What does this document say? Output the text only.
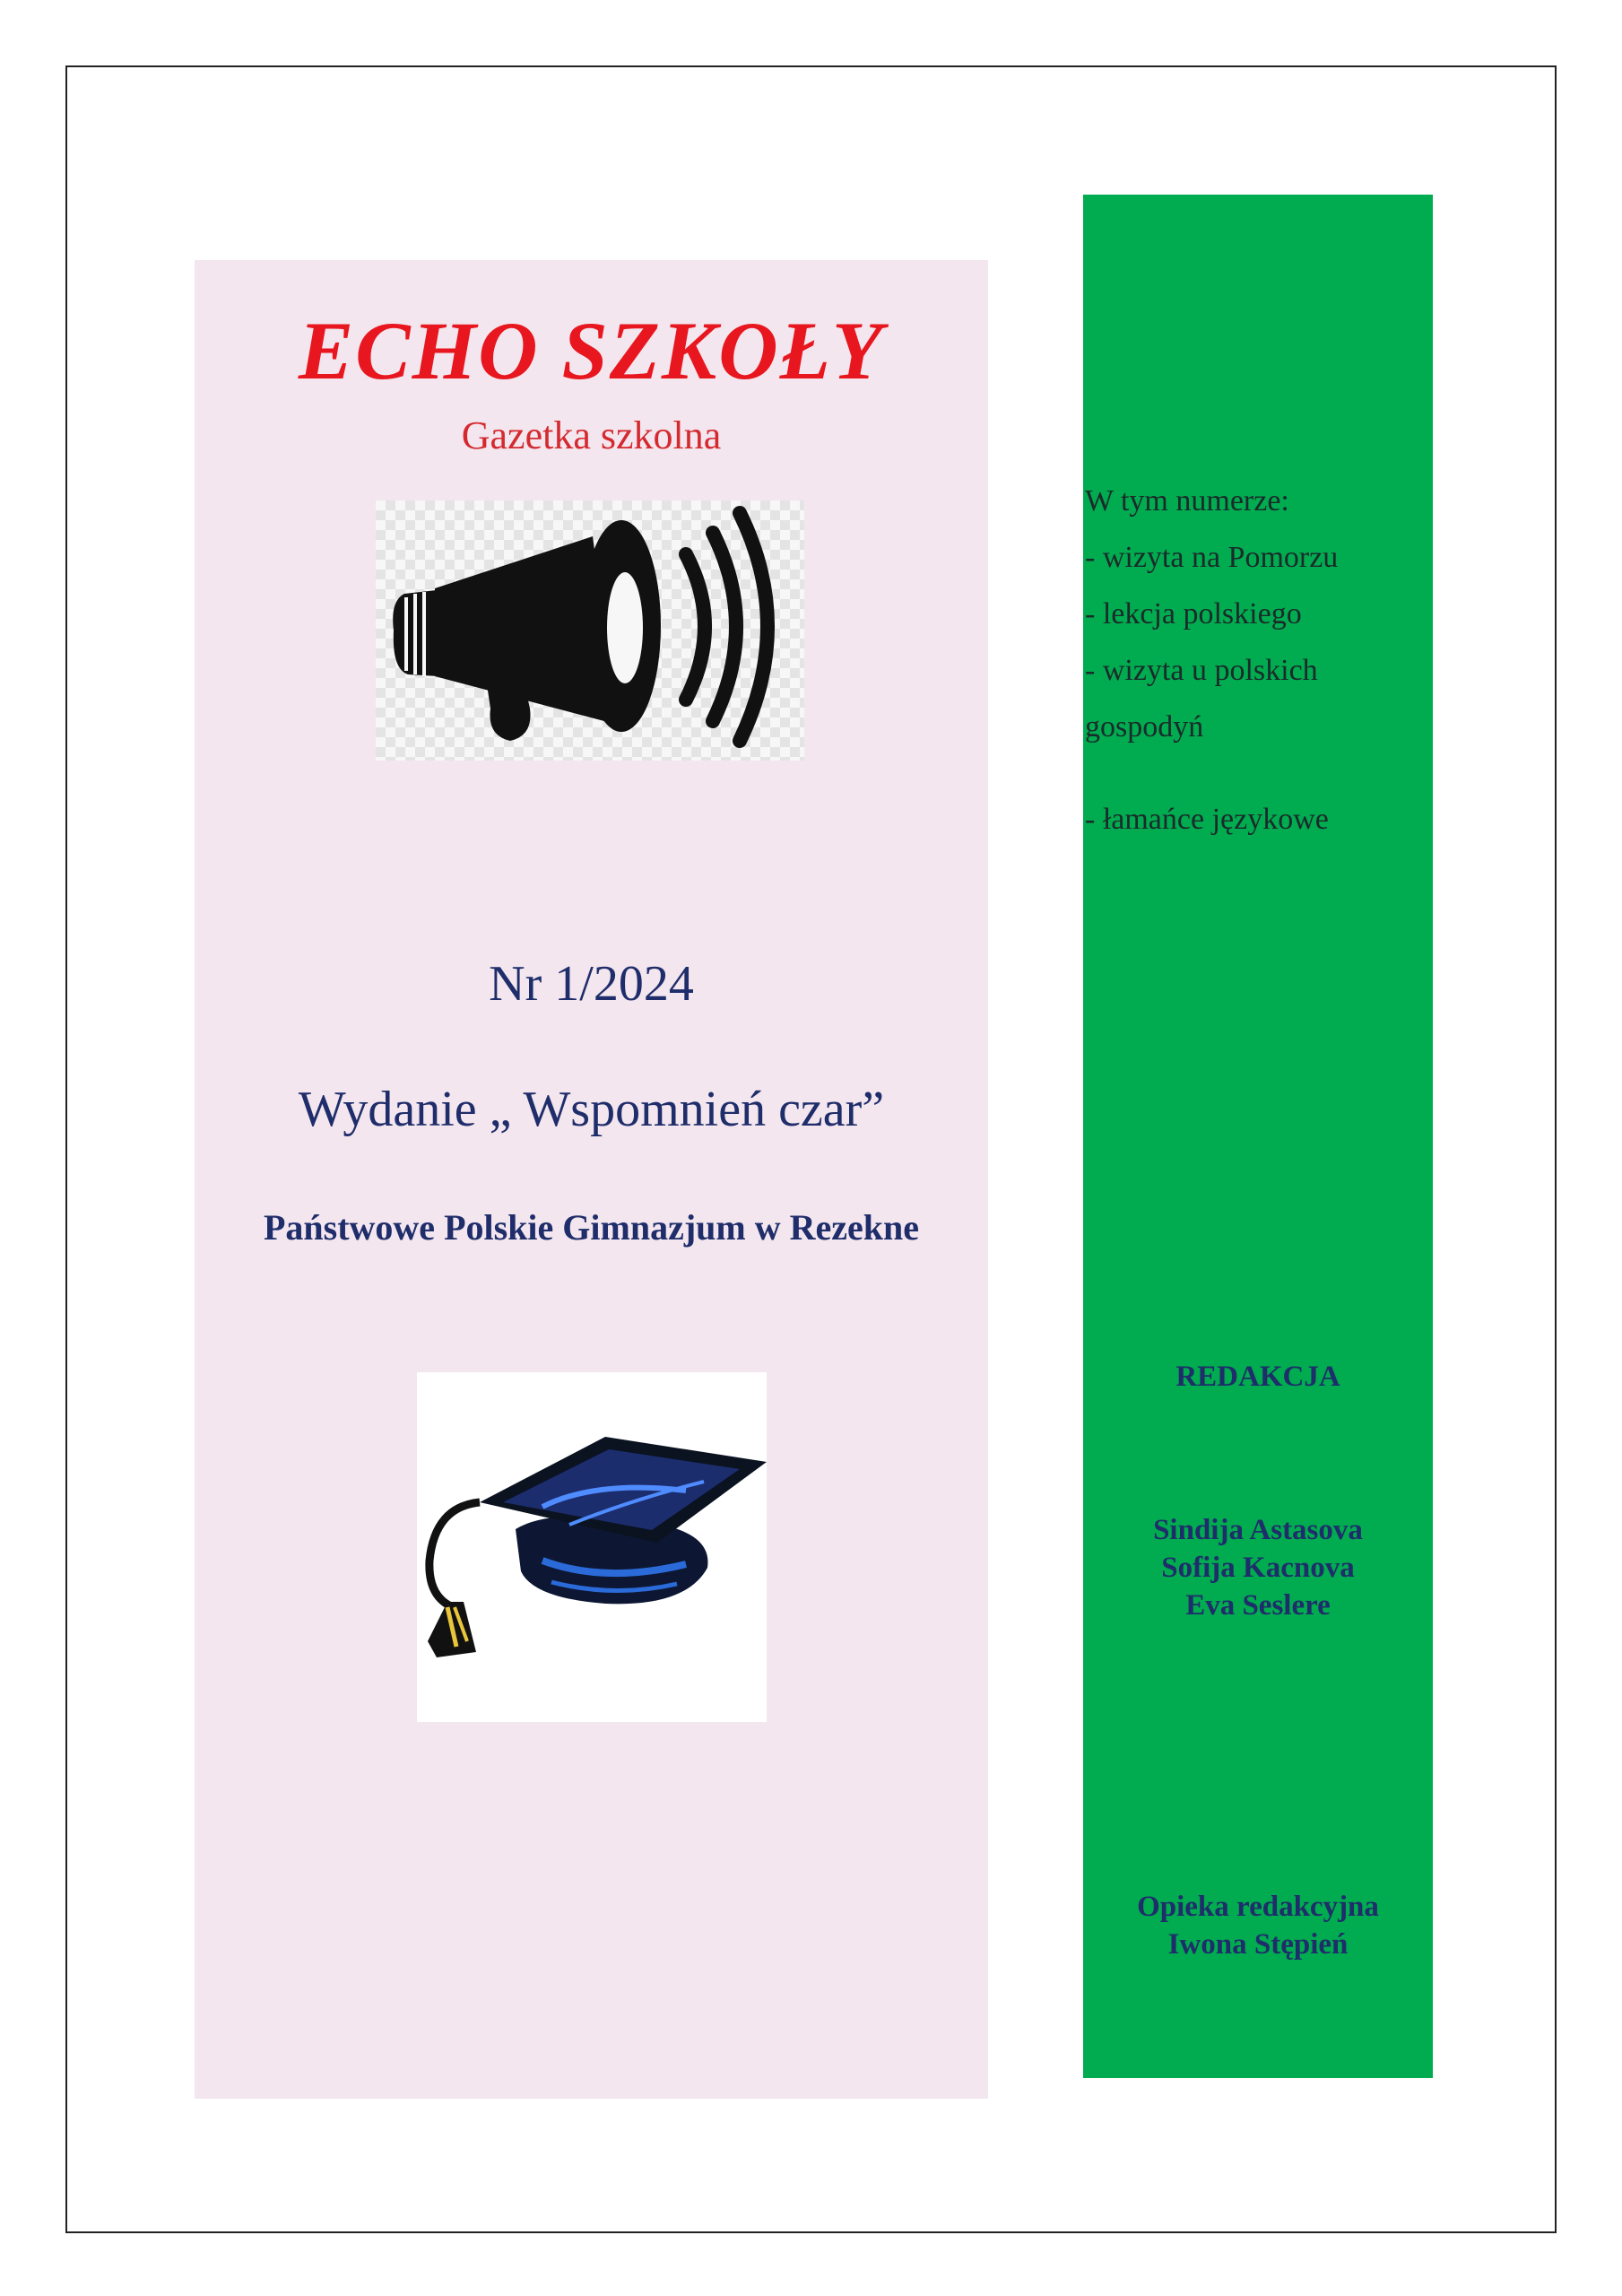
ECHO SZKOŁY
Gazetka szkolna
Nr 1/2024
Wydanie „ Wspomnień czar”
Państwowe Polskie Gimnazjum w Rezekne
W tym numerze:
- wizyta na Pomorzu
- lekcja polskiego
- wizyta u polskich
gospodyń
- łamańce językowe
REDAKCJA
Sindija Astasova
Sofija Kacnova
Eva Seslere
Opieka redakcyjna
Iwona Stępień
